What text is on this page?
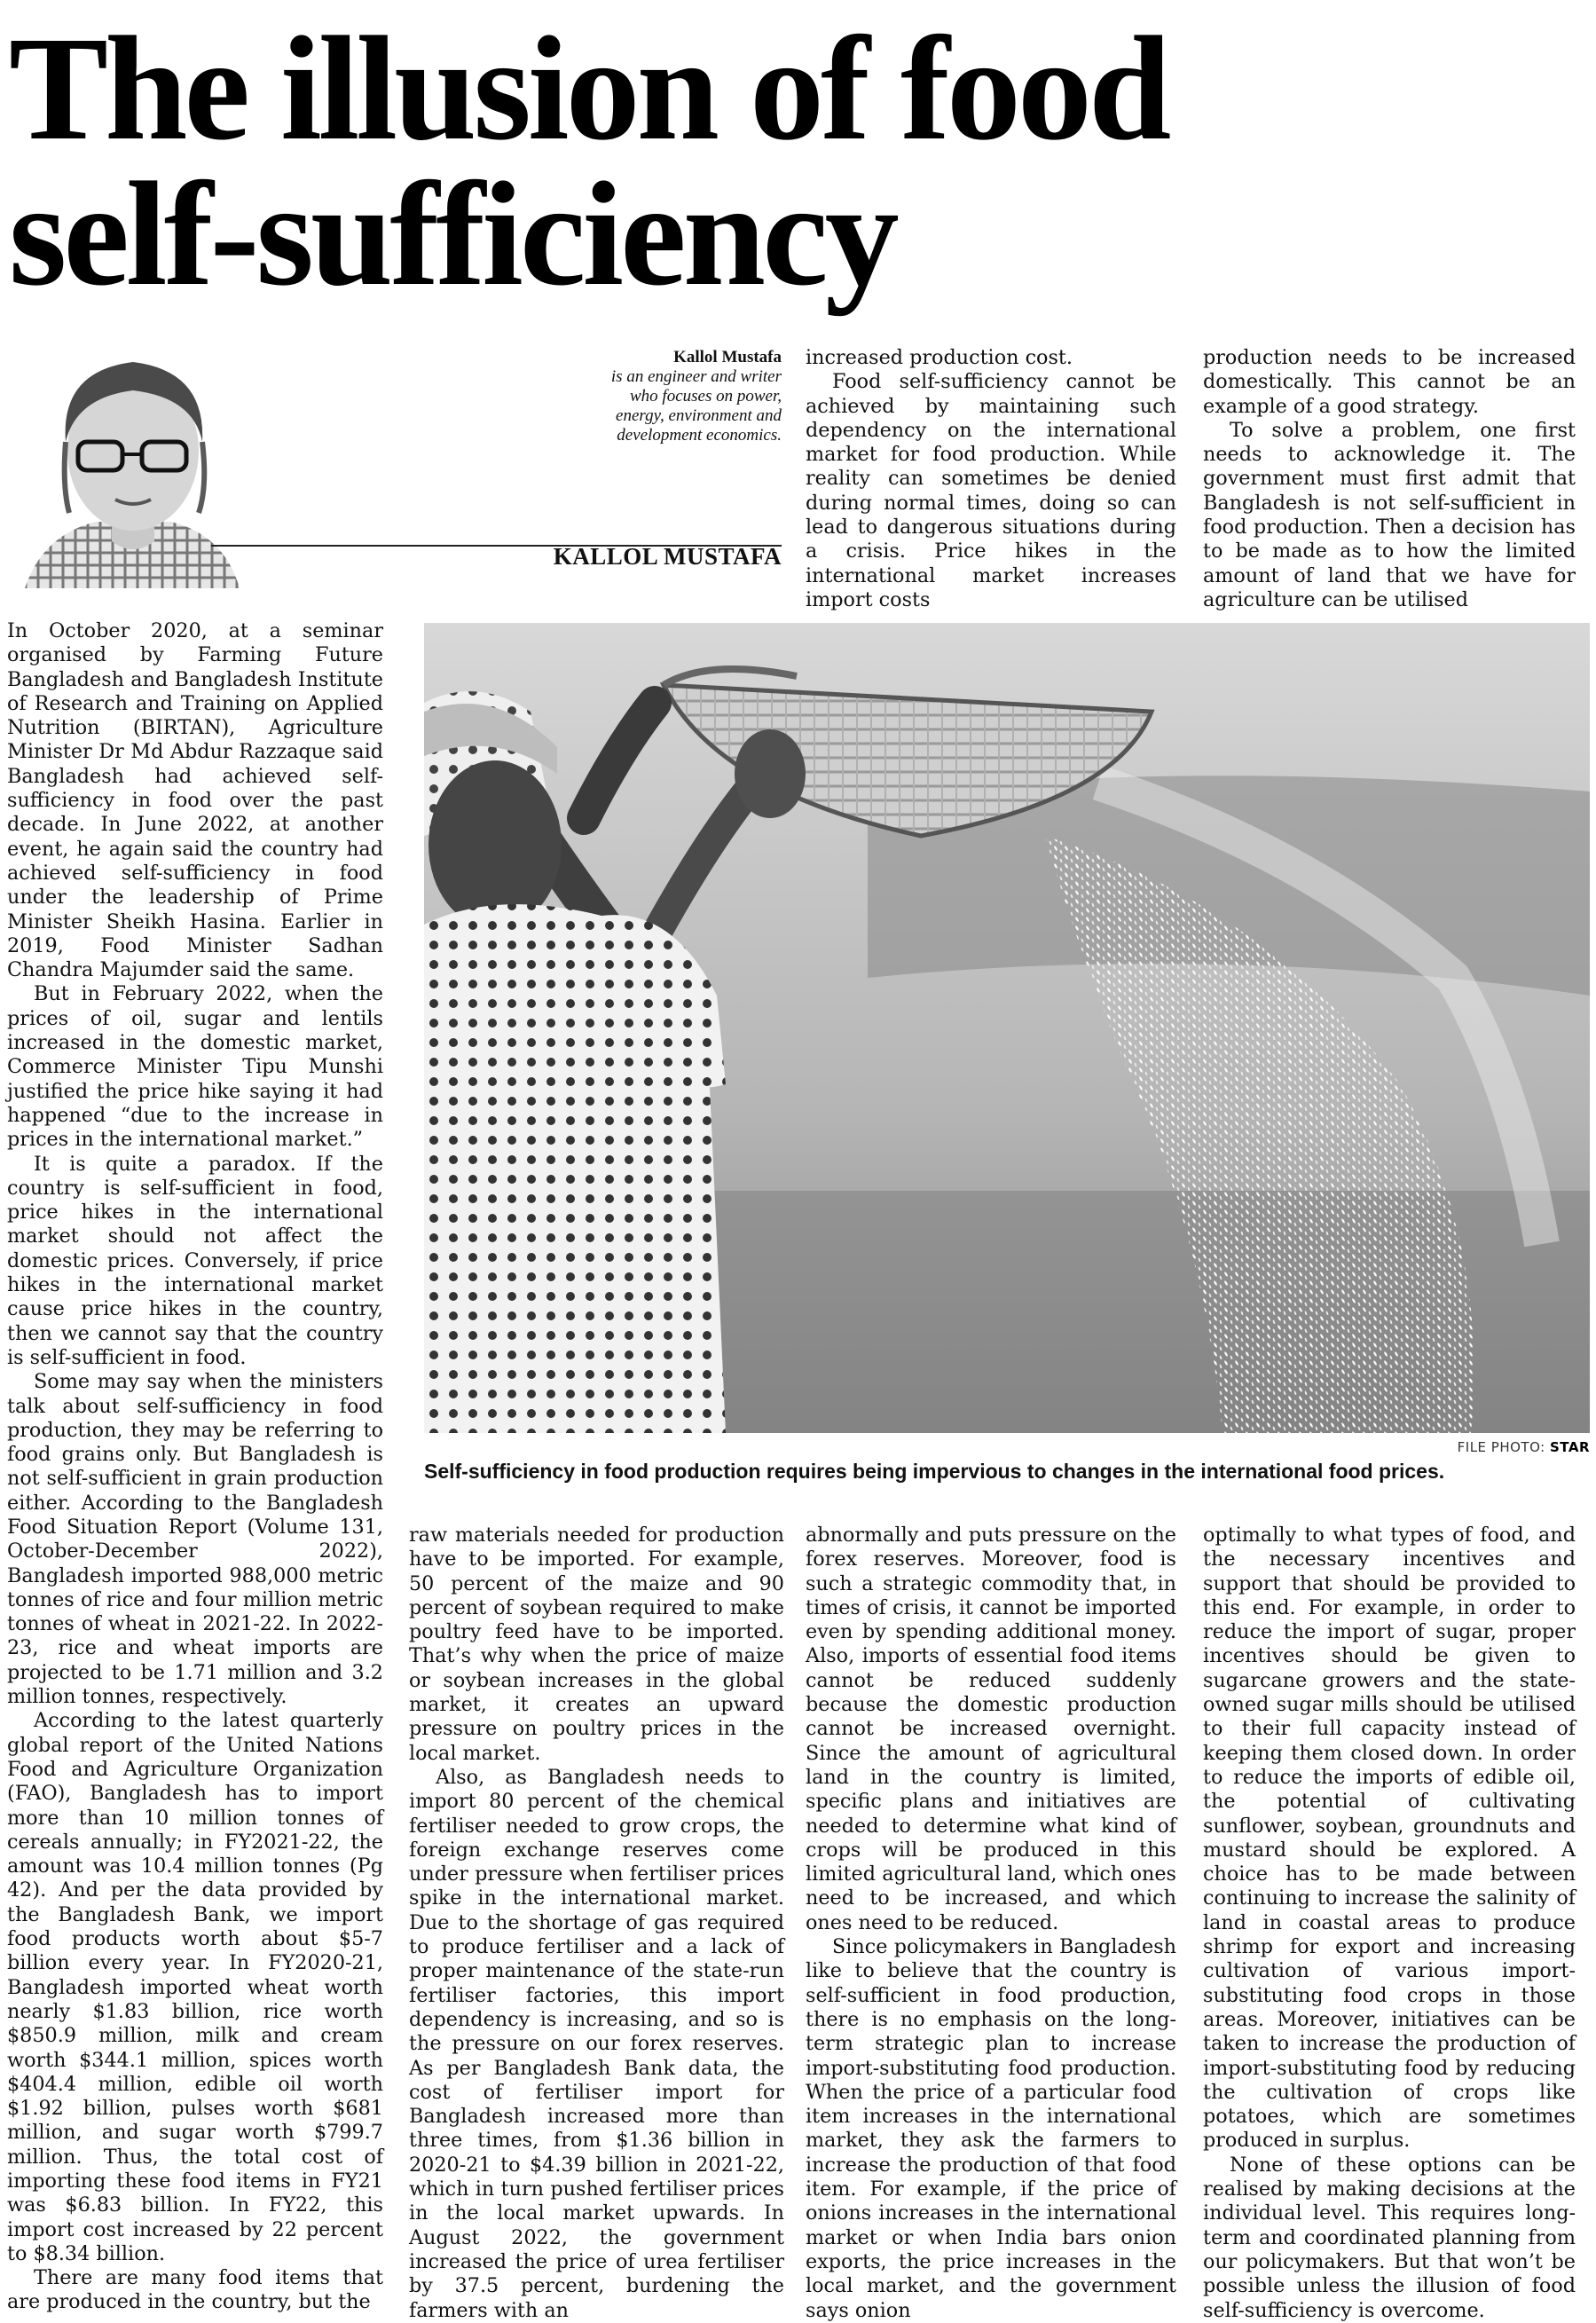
The illusion of food
self-sufficiency
Kallol Mustafa
is an engineer and writer
who focuses on power,
energy, environment and
development economics.
KALLOL MUSTAFA

increased production cost.

Food self-sufficiency cannot be achieved by maintaining such dependency on the international market for food production. While reality can sometimes be denied during normal times, doing so can lead to dangerous situations during a crisis. Price hikes in the international market increases import costs

production needs to be increased domestically. This cannot be an example of a good strategy.

To solve a problem, one first needs to acknowledge it. The government must first admit that Bangladesh is not self-sufficient in food production. Then a decision has to be made as to how the limited amount of land that we have for agriculture can be utilised

In October 2020, at a seminar organised by Farming Future Bangladesh and Bangladesh Institute of Research and Training on Applied Nutrition (BIRTAN), Agriculture Minister Dr Md Abdur Razzaque said Bangladesh had achieved self-sufficiency in food over the past decade. In June 2022, at another event, he again said the country had achieved self-sufficiency in food under the leadership of Prime Minister Sheikh Hasina. Earlier in 2019, Food Minister Sadhan Chandra Majumder said the same.

But in February 2022, when the prices of oil, sugar and lentils increased in the domestic market, Commerce Minister Tipu Munshi justified the price hike saying it had happened “due to the increase in prices in the international market.”

It is quite a paradox. If the country is self-sufficient in food, price hikes in the international market should not affect the domestic prices. Conversely, if price hikes in the international market cause price hikes in the country, then we cannot say that the country is self-sufficient in food.

Some may say when the ministers talk about self-sufficiency in food production, they may be referring to food grains only. But Bangladesh is not self-sufficient in grain production either. According to the Bangladesh Food Situation Report (Volume 131, October-December 2022), Bangladesh imported 988,000 metric tonnes of rice and four million metric tonnes of wheat in 2021-22. In 2022-23, rice and wheat imports are projected to be 1.71 million and 3.2 million tonnes, respectively.

According to the latest quarterly global report of the United Nations Food and Agriculture Organization (FAO), Bangladesh has to import more than 10 million tonnes of cereals annually; in FY2021-22, the amount was 10.4 million tonnes (Pg 42). And per the data provided by the Bangladesh Bank, we import food products worth about $5-7 billion every year. In FY2020-21, Bangladesh imported wheat worth nearly $1.83 billion, rice worth $850.9 million, milk and cream worth $344.1 million, spices worth $404.4 million, edible oil worth $1.92 billion, pulses worth $681 million, and sugar worth $799.7 million. Thus, the total cost of importing these food items in FY21 was $6.83 billion. In FY22, this import cost increased by 22 percent to $8.34 billion.

There are many food items that are produced in the country, but the

FILE PHOTO: STAR
Self-sufficiency in food production requires being impervious to changes in the international food prices.

raw materials needed for production have to be imported. For example, 50 percent of the maize and 90 percent of soybean required to make poultry feed have to be imported. That’s why when the price of maize or soybean increases in the global market, it creates an upward pressure on poultry prices in the local market.

Also, as Bangladesh needs to import 80 percent of the chemical fertiliser needed to grow crops, the foreign exchange reserves come under pressure when fertiliser prices spike in the international market. Due to the shortage of gas required to produce fertiliser and a lack of proper maintenance of the state-run fertiliser factories, this import dependency is increasing, and so is the pressure on our forex reserves. As per Bangladesh Bank data, the cost of fertiliser import for Bangladesh increased more than three times, from $1.36 billion in 2020-21 to $4.39 billion in 2021-22, which in turn pushed fertiliser prices in the local market upwards. In August 2022, the government increased the price of urea fertiliser by 37.5 percent, burdening the farmers with an

abnormally and puts pressure on the forex reserves. Moreover, food is such a strategic commodity that, in times of crisis, it cannot be imported even by spending additional money. Also, imports of essential food items cannot be reduced suddenly because the domestic production cannot be increased overnight. Since the amount of agricultural land in the country is limited, specific plans and initiatives are needed to determine what kind of crops will be produced in this limited agricultural land, which ones need to be increased, and which ones need to be reduced.

Since policymakers in Bangladesh like to believe that the country is self-sufficient in food production, there is no emphasis on the long-term strategic plan to increase import-substituting food production. When the price of a particular food item increases in the international market, they ask the farmers to increase the production of that food item. For example, if the price of onions increases in the international market or when India bars onion exports, the price increases in the local market, and the government says onion

optimally to what types of food, and the necessary incentives and support that should be provided to this end. For example, in order to reduce the import of sugar, proper incentives should be given to sugarcane growers and the state-owned sugar mills should be utilised to their full capacity instead of keeping them closed down. In order to reduce the imports of edible oil, the potential of cultivating sunflower, soybean, groundnuts and mustard should be explored. A choice has to be made between continuing to increase the salinity of land in coastal areas to produce shrimp for export and increasing cultivation of various import-substituting food crops in those areas. Moreover, initiatives can be taken to increase the production of import-substituting food by reducing the cultivation of crops like potatoes, which are sometimes produced in surplus.

None of these options can be realised by making decisions at the individual level. This requires long-term and coordinated planning from our policymakers. But that won’t be possible unless the illusion of food self-sufficiency is overcome.
